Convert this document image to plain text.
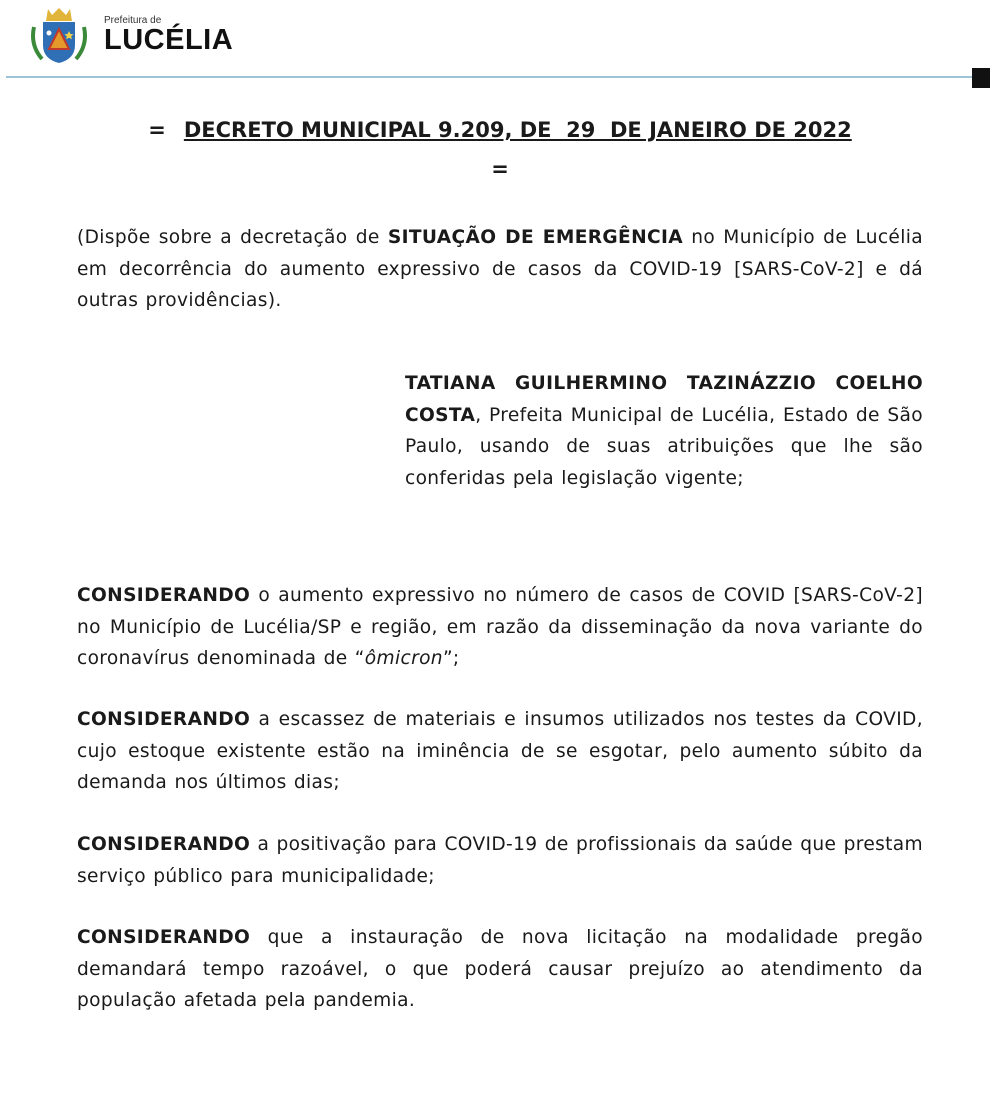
Prefeitura de
LUCÉLIA
= DECRETO MUNICIPAL 9.209, DE  29  DE JANEIRO DE 2022
=
(Dispõe sobre a decretação de SITUAÇÃO DE EMERGÊNCIA no Município de Lucélia em decorrência do aumento expressivo de casos da COVID-19 [SARS-CoV-2] e dá outras providências).
TATIANA GUILHERMINO TAZINÁZZIO COELHO COSTA, Prefeita Municipal de Lucélia, Estado de São Paulo, usando de suas atribuições que lhe são conferidas pela legislação vigente;
CONSIDERANDO o aumento expressivo no número de casos de COVID [SARS-CoV-2] no Município de Lucélia/SP e região, em razão da disseminação da nova variante do coronavírus denominada de “ômicron”;
CONSIDERANDO a escassez de materiais e insumos utilizados nos testes da COVID, cujo estoque existente estão na iminência de se esgotar, pelo aumento súbito da demanda nos últimos dias;
CONSIDERANDO a positivação para COVID-19 de profissionais da saúde que prestam serviço público para municipalidade;
CONSIDERANDO que a instauração de nova licitação na modalidade pregão demandará tempo razoável, o que poderá causar prejuízo ao atendimento da população afetada pela pandemia.
